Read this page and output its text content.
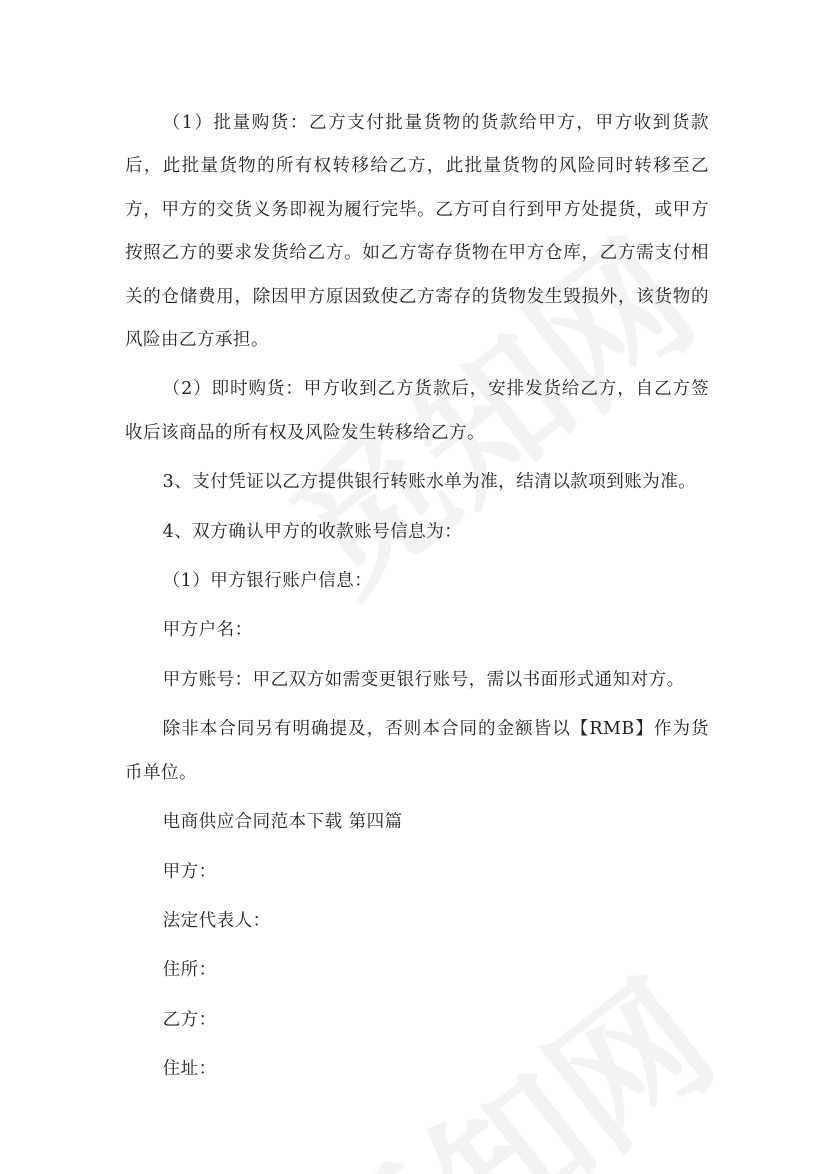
（1）批量购货：乙方支付批量货物的货款给甲方，甲方收到货款后，此批量货物的所有权转移给乙方，此批量货物的风险同时转移至乙方，甲方的交货义务即视为履行完毕。乙方可自行到甲方处提货，或甲方按照乙方的要求发货给乙方。如乙方寄存货物在甲方仓库，乙方需支付相关的仓储费用，除因甲方原因致使乙方寄存的货物发生毁损外，该货物的风险由乙方承担。

（2）即时购货：甲方收到乙方货款后，安排发货给乙方，自乙方签收后该商品的所有权及风险发生转移给乙方。

3、支付凭证以乙方提供银行转账水单为准，结清以款项到账为准。

4、双方确认甲方的收款账号信息为：

（1）甲方银行账户信息：

甲方户名：

甲方账号：甲乙双方如需变更银行账号，需以书面形式通知对方。

除非本合同另有明确提及，否则本合同的金额皆以【RMB】作为货币单位。

电商供应合同范本下载 第四篇

甲方：

法定代表人：

住所：

乙方：

住址：
